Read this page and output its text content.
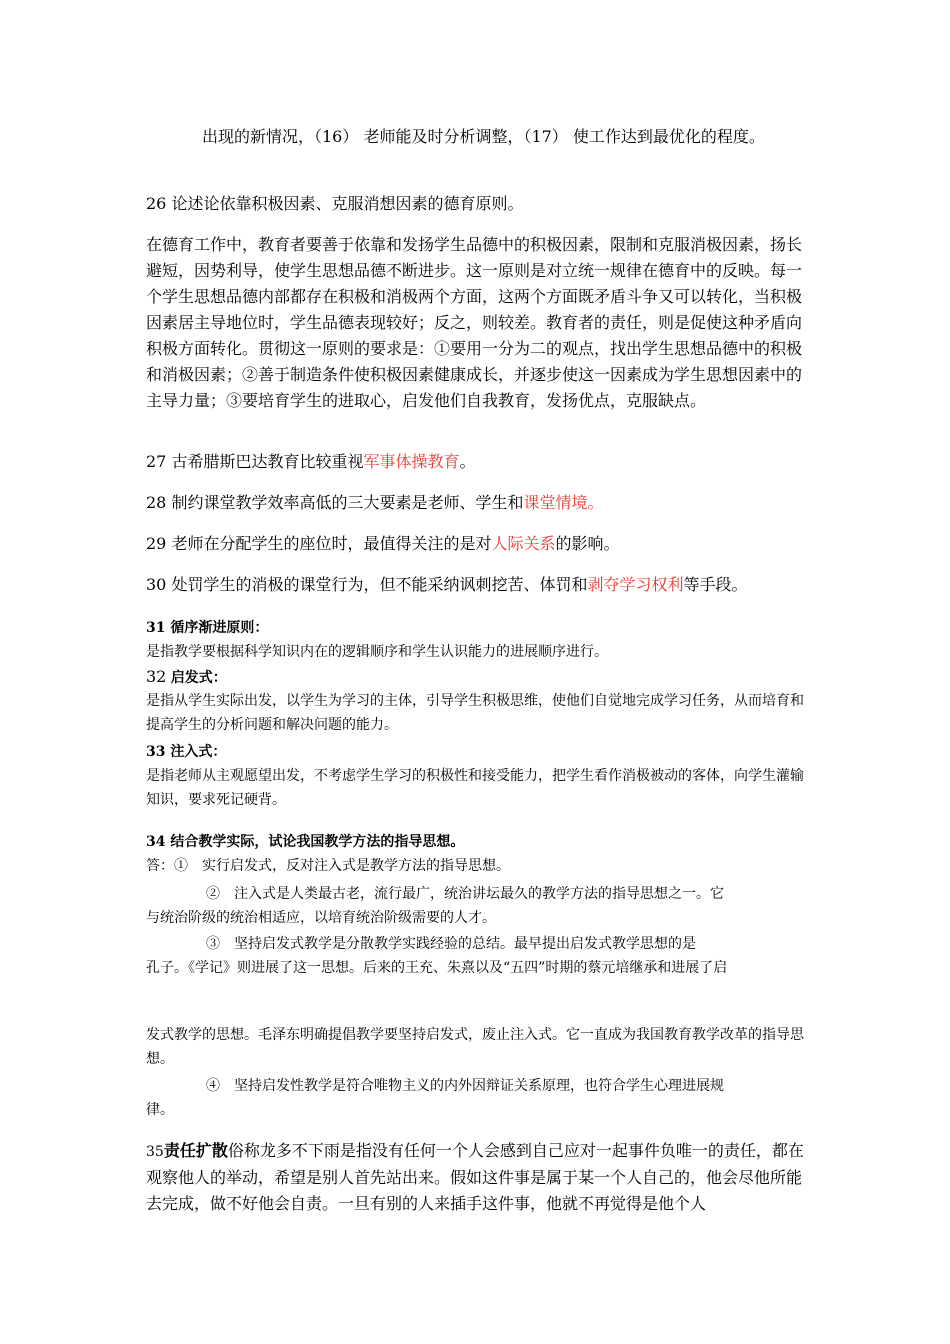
出现的新情况，（16） 老师能及时分析调整，（17） 使工作达到最优化的程度。

26 论述论依靠积极因素、克服消想因素的德育原则。

在德育工作中，教育者要善于依靠和发扬学生品德中的积极因素，限制和克服消极因素，扬长避短，因势利导，使学生思想品德不断进步。这一原则是对立统一规律在德育中的反映。每一个学生思想品德内部都存在积极和消极两个方面，这两个方面既矛盾斗争又可以转化，当积极因素居主导地位时，学生品德表现较好；反之，则较差。教育者的责任，则是促使这种矛盾向积极方面转化。贯彻这一原则的要求是：①要用一分为二的观点，找出学生思想品德中的积极和消极因素；②善于制造条件使积极因素健康成长，并逐步使这一因素成为学生思想因素中的主导力量；③要培育学生的进取心，启发他们自我教育，发扬优点，克服缺点。

27 古希腊斯巴达教育比较重视军事体操教育。

28 制约课堂教学效率高低的三大要素是老师、学生和课堂情境。

29 老师在分配学生的座位时，最值得关注的是对人际关系的影响。

30 处罚学生的消极的课堂行为，但不能采纳讽刺挖苦、体罚和剥夺学习权利等手段。

31 循序渐进原则：

是指教学要根据科学知识内在的逻辑顺序和学生认识能力的进展顺序进行。

32 启发式：

是指从学生实际出发，以学生为学习的主体，引导学生积极思维，使他们自觉地完成学习任务，从而培育和提高学生的分析问题和解决问题的能力。

33 注入式：

是指老师从主观愿望出发，不考虑学生学习的积极性和接受能力，把学生看作消极被动的客体，向学生灌输知识，要求死记硬背。

34 结合教学实际，试论我国教学方法的指导思想。

答：①　实行启发式，反对注入式是教学方法的指导思想。

②　注入式是人类最古老，流行最广，统治讲坛最久的教学方法的指导思想之一。它

与统治阶级的统治相适应，以培育统治阶级需要的人才。

③　坚持启发式教学是分散教学实践经验的总结。最早提出启发式教学思想的是

孔子。《学记》则进展了这一思想。后来的王充、朱熹以及“五四”时期的蔡元培继承和进展了启

发式教学的思想。毛泽东明确提倡教学要坚持启发式，废止注入式。它一直成为我国教育教学改革的指导思想。

④　坚持启发性教学是符合唯物主义的内外因辩证关系原理，也符合学生心理进展规

律。

35责任扩散俗称龙多不下雨是指没有任何一个人会感到自己应对一起事件负唯一的责任，都在观察他人的举动，希望是别人首先站出来。假如这件事是属于某一个人自己的，他会尽他所能去完成，做不好他会自责。一旦有别的人来插手这件事，他就不再觉得是他个人
